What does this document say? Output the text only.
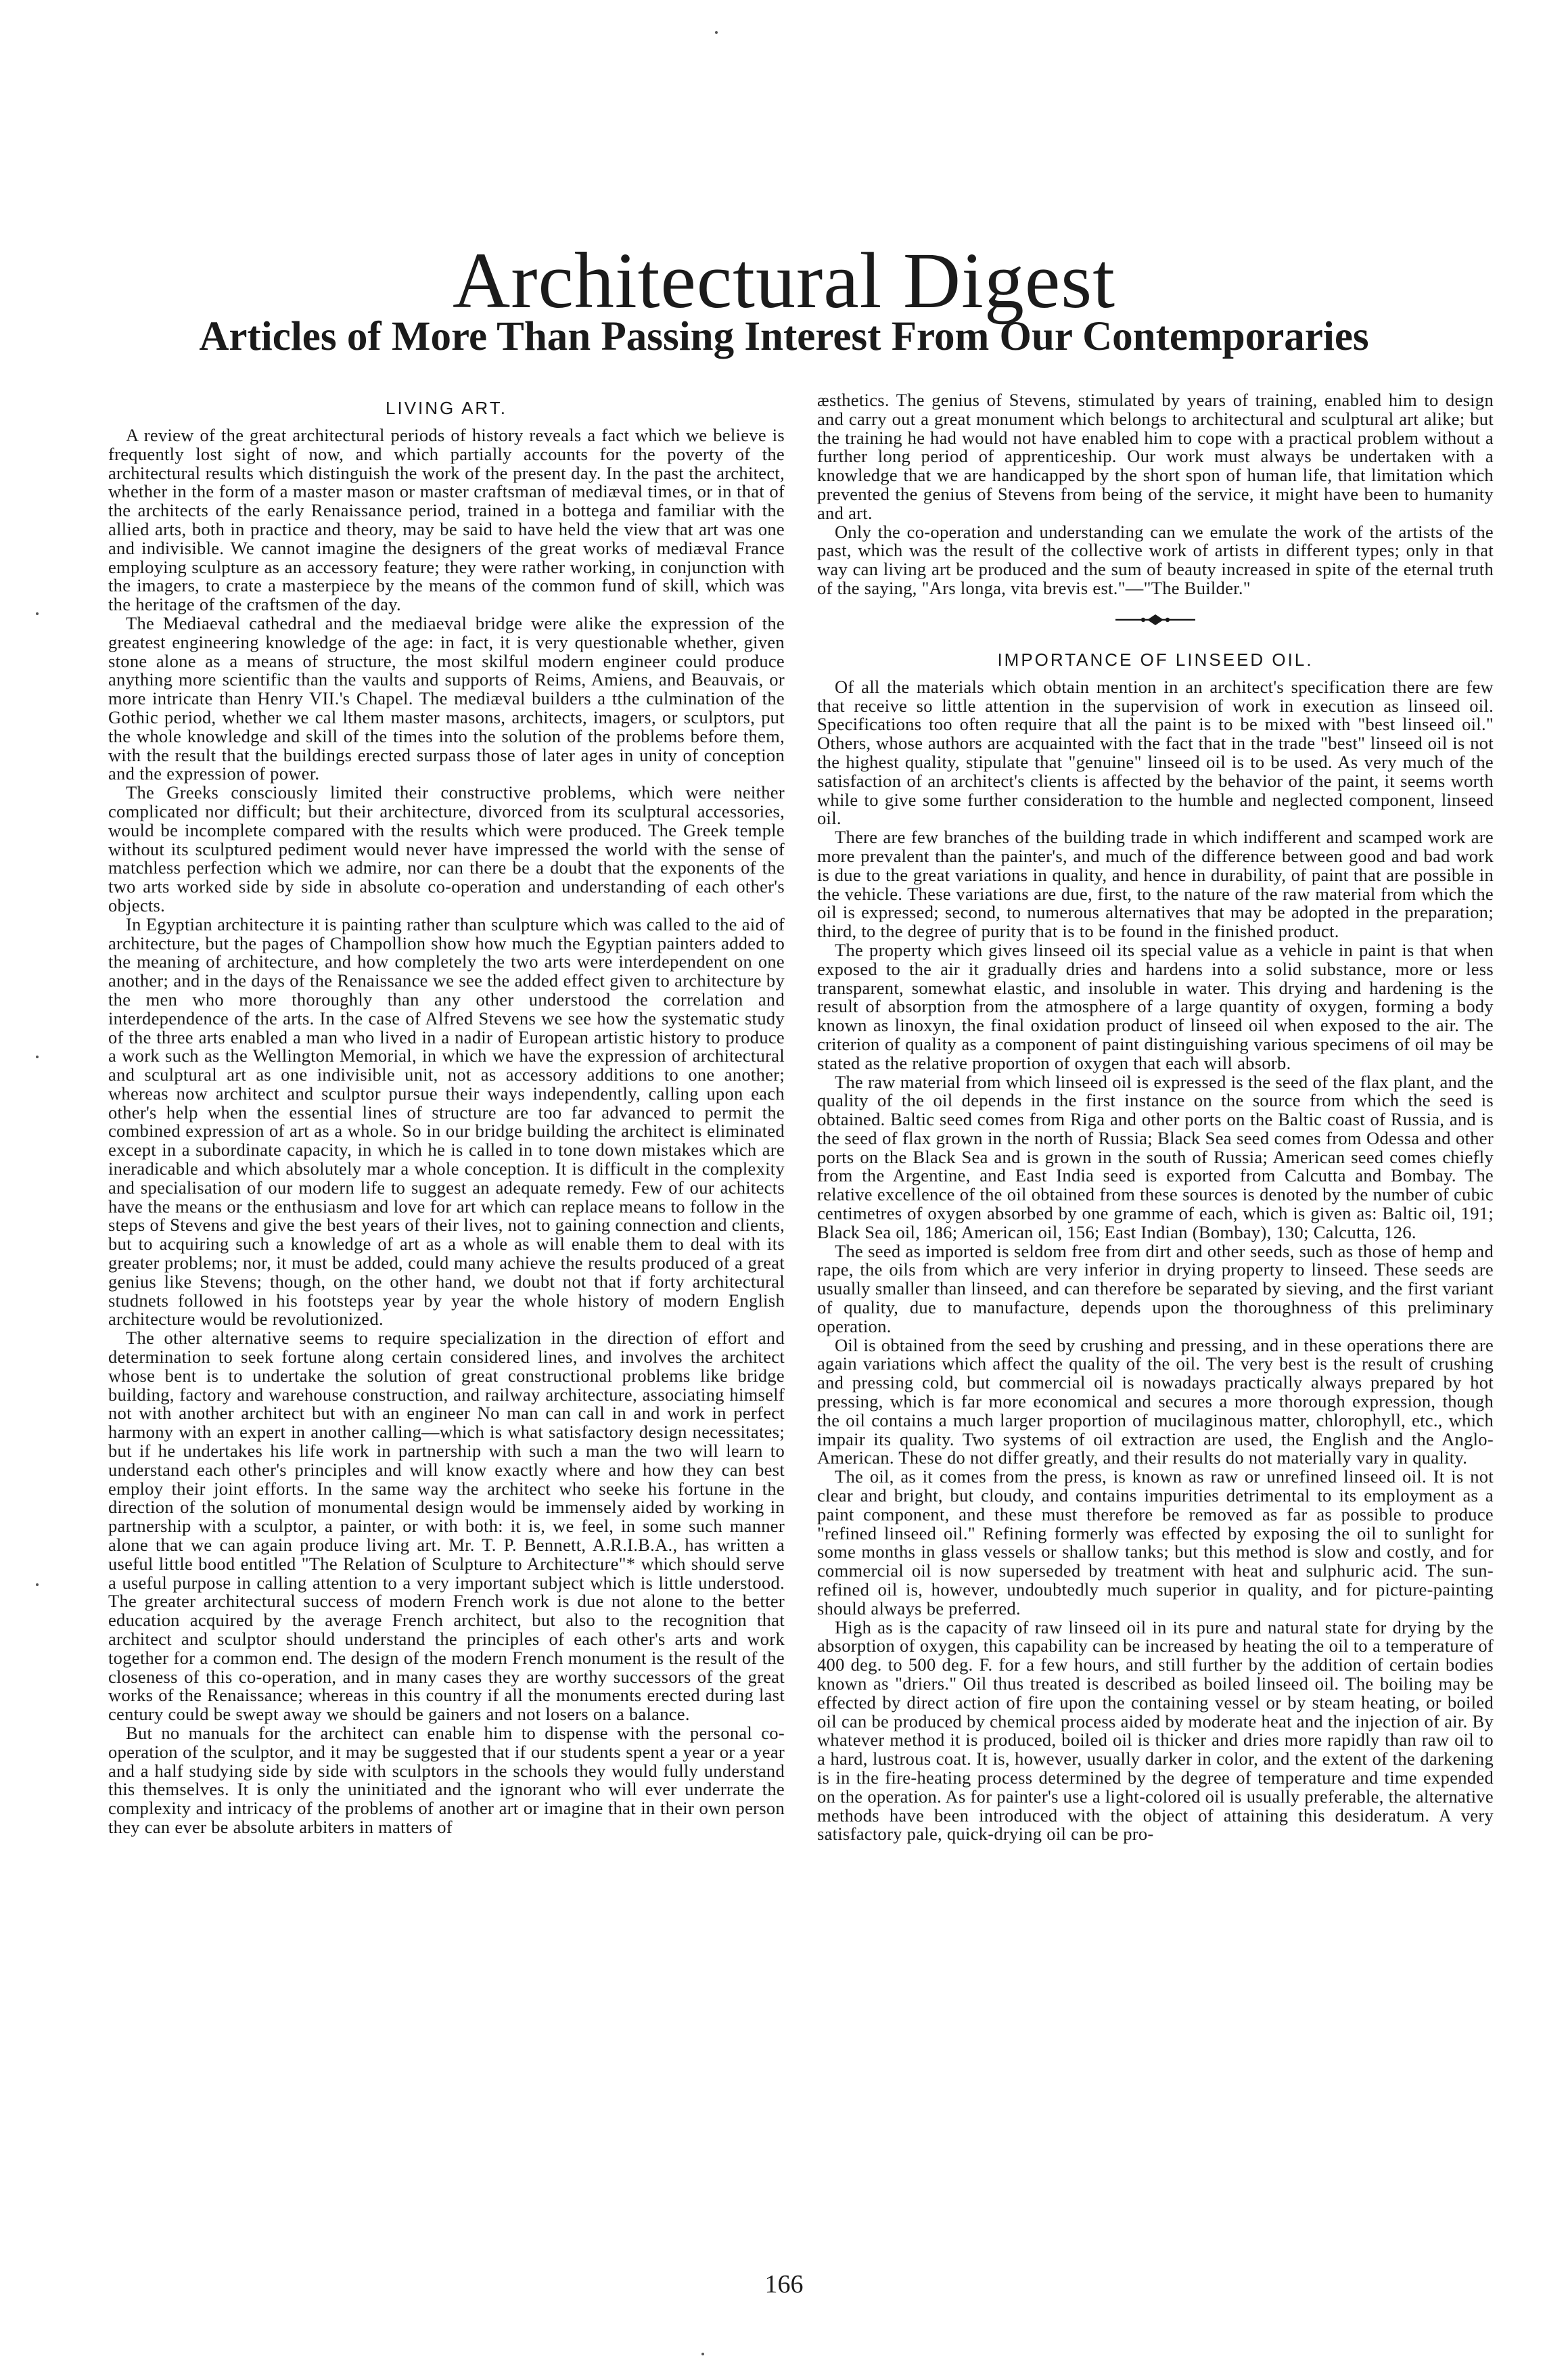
Architectural Digest
Articles of More Than Passing Interest From Our Contemporaries
LIVING ART.

A review of the great architectural periods of history reveals a fact which we believe is frequently lost sight of now, and which partially accounts for the poverty of the architectural results which distinguish the work of the present day. In the past the architect, whether in the form of a master mason or master craftsman of mediæval times, or in that of the architects of the early Renaissance period, trained in a bottega and familiar with the allied arts, both in practice and theory, may be said to have held the view that art was one and indivisible. We cannot imagine the designers of the great works of mediæval France employing sculpture as an accessory feature; they were rather working, in conjunction with the imagers, to crate a masterpiece by the means of the common fund of skill, which was the heritage of the craftsmen of the day.

The Mediaeval cathedral and the mediaeval bridge were alike the expression of the greatest engineering knowledge of the age: in fact, it is very questionable whether, given stone alone as a means of structure, the most skilful modern engineer could produce anything more scientific than the vaults and supports of Reims, Amiens, and Beauvais, or more intricate than Henry VII.'s Chapel. The mediæval builders a tthe culmination of the Gothic period, whether we cal lthem master masons, architects, imagers, or sculptors, put the whole knowledge and skill of the times into the solution of the problems before them, with the result that the buildings erected surpass those of later ages in unity of conception and the expression of power.

The Greeks consciously limited their constructive problems, which were neither complicated nor difficult; but their architecture, divorced from its sculptural accessories, would be incomplete compared with the results which were produced. The Greek temple without its sculptured pediment would never have impressed the world with the sense of matchless perfection which we admire, nor can there be a doubt that the exponents of the two arts worked side by side in absolute co-operation and understanding of each other's objects.

In Egyptian architecture it is painting rather than sculpture which was called to the aid of architecture, but the pages of Champollion show how much the Egyptian painters added to the meaning of architecture, and how completely the two arts were interdependent on one another; and in the days of the Renaissance we see the added effect given to architecture by the men who more thoroughly than any other understood the correlation and interdependence of the arts. In the case of Alfred Stevens we see how the systematic study of the three arts enabled a man who lived in a nadir of European artistic history to produce a work such as the Wellington Memorial, in which we have the expression of architectural and sculptural art as one indivisible unit, not as accessory additions to one another; whereas now architect and sculptor pursue their ways independently, calling upon each other's help when the essential lines of structure are too far advanced to permit the combined expression of art as a whole. So in our bridge building the architect is eliminated except in a subordinate capacity, in which he is called in to tone down mistakes which are ineradicable and which absolutely mar a whole conception. It is difficult in the complexity and specialisation of our modern life to suggest an adequate remedy. Few of our achitects have the means or the enthusiasm and love for art which can replace means to follow in the steps of Stevens and give the best years of their lives, not to gaining connection and clients, but to acquiring such a knowledge of art as a whole as will enable them to deal with its greater problems; nor, it must be added, could many achieve the results produced of a great genius like Stevens; though, on the other hand, we doubt not that if forty architectural studnets followed in his footsteps year by year the whole history of modern English architecture would be revolutionized.

The other alternative seems to require specialization in the direction of effort and determination to seek fortune along certain considered lines, and involves the architect whose bent is to undertake the solution of great constructional problems like bridge building, factory and warehouse construction, and railway architecture, associating himself not with another architect but with an engineer No man can call in and work in perfect harmony with an expert in another calling—which is what satisfactory design necessitates; but if he undertakes his life work in partnership with such a man the two will learn to understand each other's principles and will know exactly where and how they can best employ their joint efforts. In the same way the architect who seeke his fortune in the direction of the solution of monumental design would be immensely aided by working in partnership with a sculptor, a painter, or with both: it is, we feel, in some such manner alone that we can again produce living art. Mr. T. P. Bennett, A.R.I.B.A., has written a useful little bood entitled "The Relation of Sculpture to Architecture"* which should serve a useful purpose in calling attention to a very important subject which is little understood. The greater architectural success of modern French work is due not alone to the better education acquired by the average French architect, but also to the recognition that architect and sculptor should understand the principles of each other's arts and work together for a common end. The design of the modern French monument is the result of the closeness of this co-operation, and in many cases they are worthy successors of the great works of the Renaissance; whereas in this country if all the monuments erected during last century could be swept away we should be gainers and not losers on a balance.

But no manuals for the architect can enable him to dispense with the personal co-operation of the sculptor, and it may be suggested that if our students spent a year or a year and a half studying side by side with sculptors in the schools they would fully understand this themselves. It is only the uninitiated and the ignorant who will ever underrate the complexity and intricacy of the problems of another art or imagine that in their own person they can ever be absolute arbiters in matters of

æsthetics. The genius of Stevens, stimulated by years of training, enabled him to design and carry out a great monument which belongs to architectural and sculptural art alike; but the training he had would not have enabled him to cope with a practical problem without a further long period of apprenticeship. Our work must always be undertaken with a knowledge that we are handicapped by the short spon of human life, that limitation which prevented the genius of Stevens from being of the service, it might have been to humanity and art.

Only the co-operation and understanding can we emulate the work of the artists of the past, which was the result of the collective work of artists in different types; only in that way can living art be produced and the sum of beauty increased in spite of the eternal truth of the saying, "Ars longa, vita brevis est."—"The Builder."

IMPORTANCE OF LINSEED OIL.

Of all the materials which obtain mention in an architect's specification there are few that receive so little attention in the supervision of work in execution as linseed oil. Specifications too often require that all the paint is to be mixed with "best linseed oil." Others, whose authors are acquainted with the fact that in the trade "best" linseed oil is not the highest quality, stipulate that "genuine" linseed oil is to be used. As very much of the satisfaction of an architect's clients is affected by the behavior of the paint, it seems worth while to give some further consideration to the humble and neglected component, linseed oil.

There are few branches of the building trade in which indifferent and scamped work are more prevalent than the painter's, and much of the difference between good and bad work is due to the great variations in quality, and hence in durability, of paint that are possible in the vehicle. These variations are due, first, to the nature of the raw material from which the oil is expressed; second, to numerous alternatives that may be adopted in the preparation; third, to the degree of purity that is to be found in the finished product.

The property which gives linseed oil its special value as a vehicle in paint is that when exposed to the air it gradually dries and hardens into a solid substance, more or less transparent, somewhat elastic, and insoluble in water. This drying and hardening is the result of absorption from the atmosphere of a large quantity of oxygen, forming a body known as linoxyn, the final oxidation product of linseed oil when exposed to the air. The criterion of quality as a component of paint distinguishing various specimens of oil may be stated as the relative proportion of oxygen that each will absorb.

The raw material from which linseed oil is expressed is the seed of the flax plant, and the quality of the oil depends in the first instance on the source from which the seed is obtained. Baltic seed comes from Riga and other ports on the Baltic coast of Russia, and is the seed of flax grown in the north of Russia; Black Sea seed comes from Odessa and other ports on the Black Sea and is grown in the south of Russia; American seed comes chiefly from the Argentine, and East India seed is exported from Calcutta and Bombay. The relative excellence of the oil obtained from these sources is denoted by the number of cubic centimetres of oxygen absorbed by one gramme of each, which is given as: Baltic oil, 191; Black Sea oil, 186; American oil, 156; East Indian (Bombay), 130; Calcutta, 126.

The seed as imported is seldom free from dirt and other seeds, such as those of hemp and rape, the oils from which are very inferior in drying property to linseed. These seeds are usually smaller than linseed, and can therefore be separated by sieving, and the first variant of quality, due to manufacture, depends upon the thoroughness of this preliminary operation.

Oil is obtained from the seed by crushing and pressing, and in these operations there are again variations which affect the quality of the oil. The very best is the result of crushing and pressing cold, but commercial oil is nowadays practically always prepared by hot pressing, which is far more economical and secures a more thorough expression, though the oil contains a much larger proportion of mucilaginous matter, chlorophyll, etc., which impair its quality. Two systems of oil extraction are used, the English and the Anglo-American. These do not differ greatly, and their results do not materially vary in quality.

The oil, as it comes from the press, is known as raw or unrefined linseed oil. It is not clear and bright, but cloudy, and contains impurities detrimental to its employment as a paint component, and these must therefore be removed as far as possible to produce "refined linseed oil." Refining formerly was effected by exposing the oil to sunlight for some months in glass vessels or shallow tanks; but this method is slow and costly, and for commercial oil is now superseded by treatment with heat and sulphuric acid. The sun-refined oil is, however, undoubtedly much superior in quality, and for picture-painting should always be preferred.

High as is the capacity of raw linseed oil in its pure and natural state for drying by the absorption of oxygen, this capability can be increased by heating the oil to a temperature of 400 deg. to 500 deg. F. for a few hours, and still further by the addition of certain bodies known as "driers." Oil thus treated is described as boiled linseed oil. The boiling may be effected by direct action of fire upon the containing vessel or by steam heating, or boiled oil can be produced by chemical process aided by moderate heat and the injection of air. By whatever method it is produced, boiled oil is thicker and dries more rapidly than raw oil to a hard, lustrous coat. It is, however, usually darker in color, and the extent of the darkening is in the fire-heating process determined by the degree of temperature and time expended on the operation. As for painter's use a light-colored oil is usually preferable, the alternative methods have been introduced with the object of attaining this desideratum. A very satisfactory pale, quick-drying oil can be pro-

166
